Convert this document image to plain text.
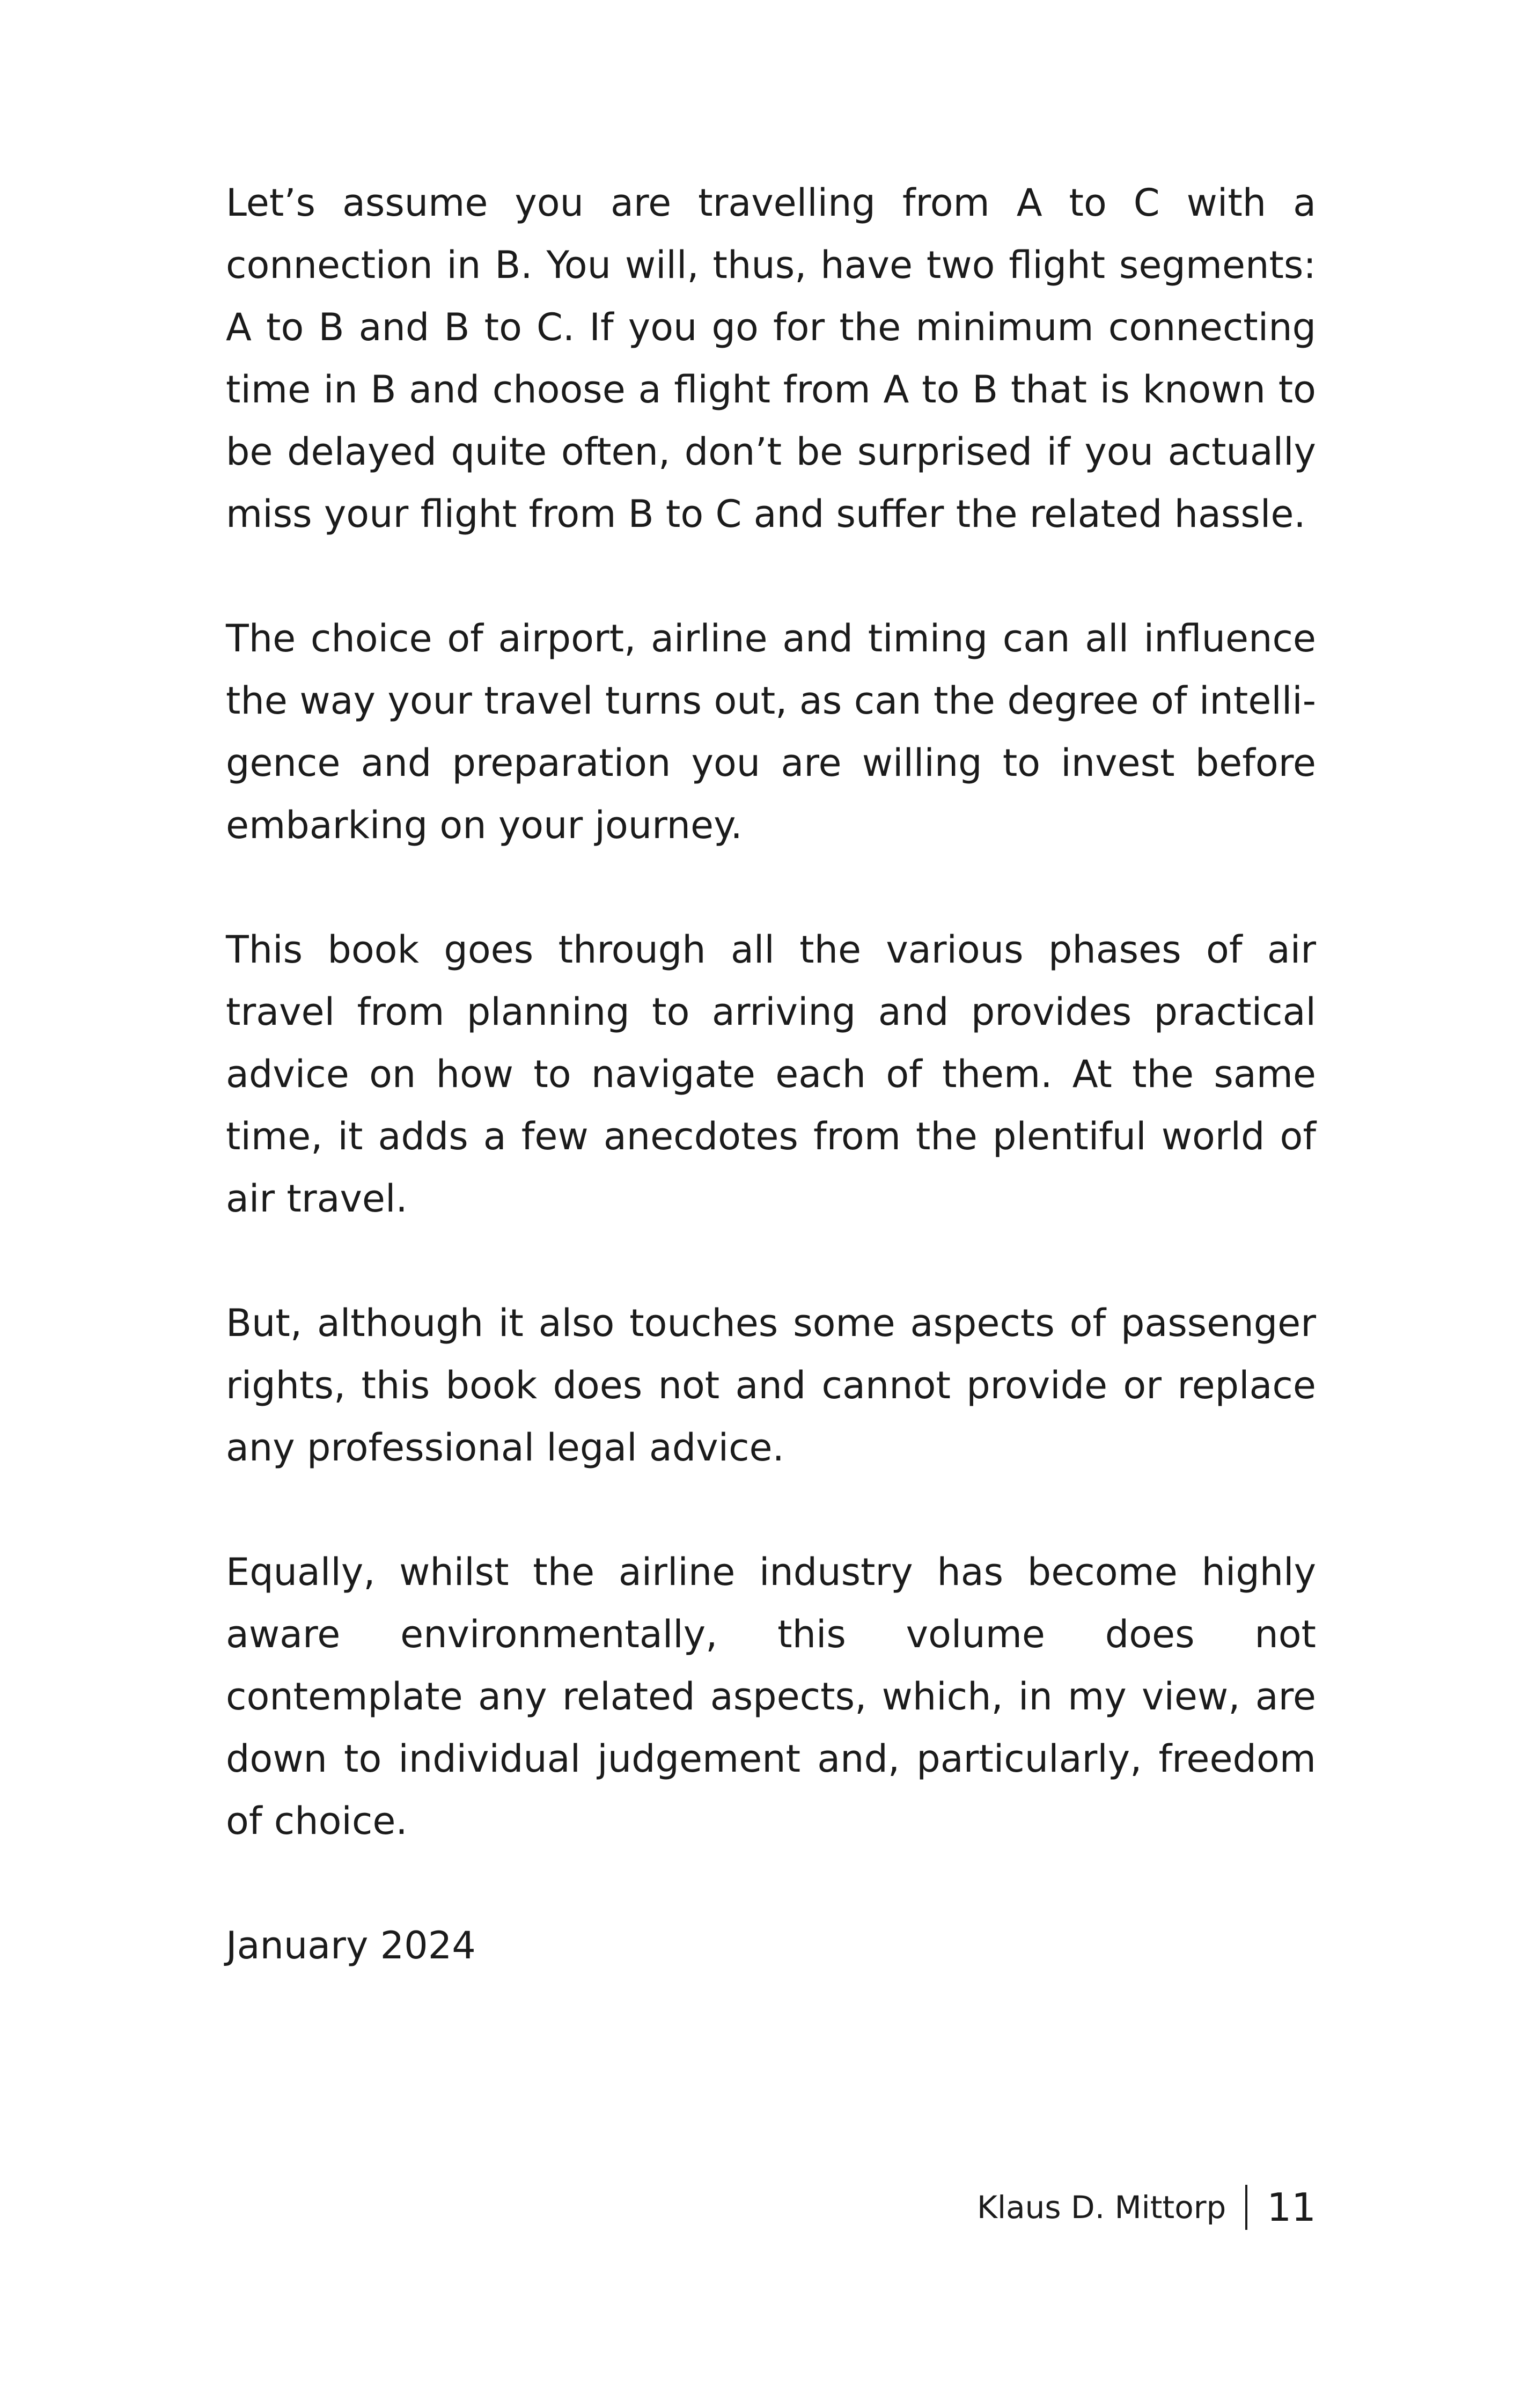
Let’s assume you are travelling from A to C with a connection in B. You will, thus, have two flight segments: A to B and B to C. If you go for the minimum connecting time in B and choose a flight from A to B that is known to be delayed quite often, don’t be surprised if you actually miss your flight from B to C and suffer the related hassle.

The choice of airport, airline and timing can all influence the way your travel turns out, as can the degree of intelligence and preparation you are willing to invest before embarking on your journey.

This book goes through all the various phases of air travel from planning to arriving and provides practical advice on how to navigate each of them. At the same time, it adds a few anecdotes from the plentiful world of air travel.

But, although it also touches some aspects of passenger rights, this book does not and cannot provide or replace any professional legal advice.

Equally, whilst the airline industry has become highly aware environmentally, this volume does not contemplate any related aspects, which, in my view, are down to individual judgement and, particularly, freedom of choice.

January 2024

Klaus D. Mittorp 11
